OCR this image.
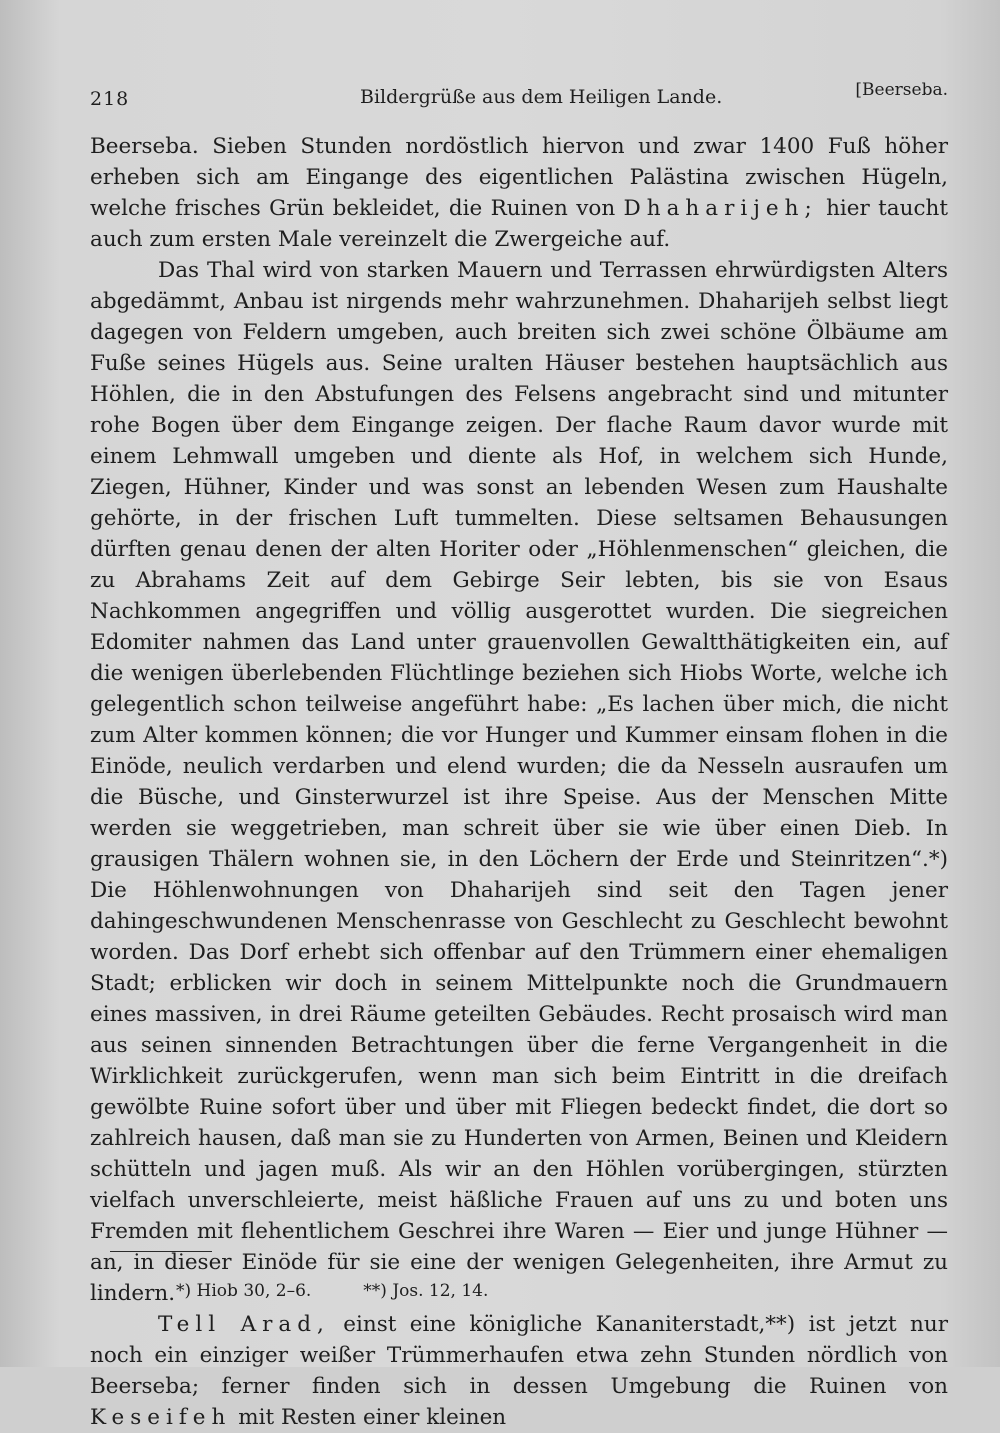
218	Bildergrüße aus dem Heiligen Lande.	[Beerseba.

Beerseba. Sieben Stunden nordöstlich hiervon und zwar 1400 Fuß höher erheben sich am Eingange des eigentlichen Palästina zwischen Hügeln, welche frisches Grün bekleidet, die Ruinen von Dhaharijeh; hier taucht auch zum ersten Male vereinzelt die Zwergeiche auf.

Das Thal wird von starken Mauern und Terrassen ehrwürdigsten Alters abgedämmt, Anbau ist nirgends mehr wahrzunehmen. Dhaharijeh selbst liegt dagegen von Feldern umgeben, auch breiten sich zwei schöne Ölbäume am Fuße seines Hügels aus. Seine uralten Häuser bestehen hauptsächlich aus Höhlen, die in den Abstufungen des Felsens angebracht sind und mitunter rohe Bogen über dem Eingange zeigen. Der flache Raum davor wurde mit einem Lehmwall umgeben und diente als Hof, in welchem sich Hunde, Ziegen, Hühner, Kinder und was sonst an lebenden Wesen zum Haushalte gehörte, in der frischen Luft tummelten. Diese seltsamen Behausungen dürften genau denen der alten Horiter oder „Höhlenmenschen“ gleichen, die zu Abrahams Zeit auf dem Gebirge Seir lebten, bis sie von Esaus Nachkommen angegriffen und völlig ausgerottet wurden. Die siegreichen Edomiter nahmen das Land unter grauenvollen Gewaltthätigkeiten ein, auf die wenigen überlebenden Flüchtlinge beziehen sich Hiobs Worte, welche ich gelegentlich schon teilweise angeführt habe: „Es lachen über mich, die nicht zum Alter kommen können; die vor Hunger und Kummer einsam flohen in die Einöde, neulich verdarben und elend wurden; die da Nesseln ausraufen um die Büsche, und Ginsterwurzel ist ihre Speise. Aus der Menschen Mitte werden sie weggetrieben, man schreit über sie wie über einen Dieb. In grausigen Thälern wohnen sie, in den Löchern der Erde und Steinritzen“.*) Die Höhlenwohnungen von Dhaharijeh sind seit den Tagen jener dahingeschwundenen Menschenrasse von Geschlecht zu Geschlecht bewohnt worden. Das Dorf erhebt sich offenbar auf den Trümmern einer ehemaligen Stadt; erblicken wir doch in seinem Mittelpunkte noch die Grundmauern eines massiven, in drei Räume geteilten Gebäudes. Recht prosaisch wird man aus seinen sinnenden Betrachtungen über die ferne Vergangenheit in die Wirklichkeit zurückgerufen, wenn man sich beim Eintritt in die dreifach gewölbte Ruine sofort über und über mit Fliegen bedeckt findet, die dort so zahlreich hausen, daß man sie zu Hunderten von Armen, Beinen und Kleidern schütteln und jagen muß. Als wir an den Höhlen vorübergingen, stürzten vielfach unverschleierte, meist häßliche Frauen auf uns zu und boten uns Fremden mit flehentlichem Geschrei ihre Waren — Eier und junge Hühner — an, in dieser Einöde für sie eine der wenigen Gelegenheiten, ihre Armut zu lindern.

Tell Arad, einst eine königliche Kananiterstadt,**) ist jetzt nur noch ein einziger weißer Trümmerhaufen etwa zehn Stunden nördlich von Beerseba; ferner finden sich in dessen Umgebung die Ruinen von Keseifeh mit Resten einer kleinen

*) Hiob 30, 2–6.	**) Jos. 12, 14.
